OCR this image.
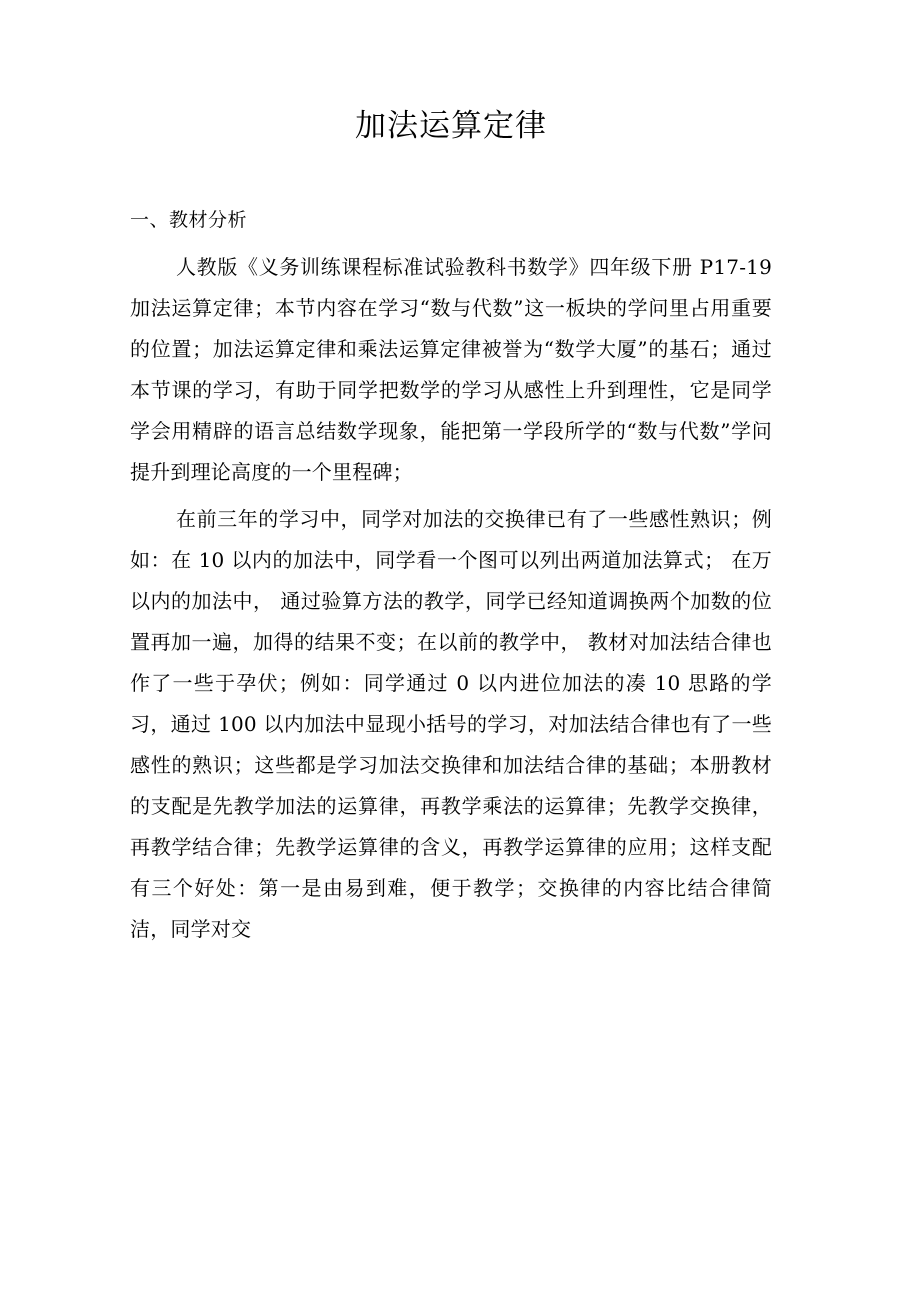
加法运算定律
一、教材分析

人教版《义务训练课程标准试验教科书数学》四年级下册 P17-19 加法运算定律；本节内容在学习“数与代数”这一板块的学问里占用重要的位置；加法运算定律和乘法运算定律被誉为“数学大厦”的基石；通过本节课的学习，有助于同学把数学的学习从感性上升到理性，它是同学学会用精辟的语言总结数学现象，能把第一学段所学的“数与代数”学问提升到理论高度的一个里程碑；

在前三年的学习中，同学对加法的交换律已有了一些感性熟识；例如：在 10 以内的加法中，同学看一个图可以列出两道加法算式； 在万以内的加法中， 通过验算方法的教学，同学已经知道调换两个加数的位置再加一遍，加得的结果不变；在以前的教学中， 教材对加法结合律也作了一些于孕伏；例如：同学通过 0 以内进位加法的凑 10 思路的学习，通过 100 以内加法中显现小括号的学习，对加法结合律也有了一些感性的熟识；这些都是学习加法交换律和加法结合律的基础；本册教材的支配是先教学加法的运算律，再教学乘法的运算律；先教学交换律，再教学结合律；先教学运算律的含义，再教学运算律的应用；这样支配有三个好处：第一是由易到难，便于教学；交换律的内容比结合律简洁，同学对交
